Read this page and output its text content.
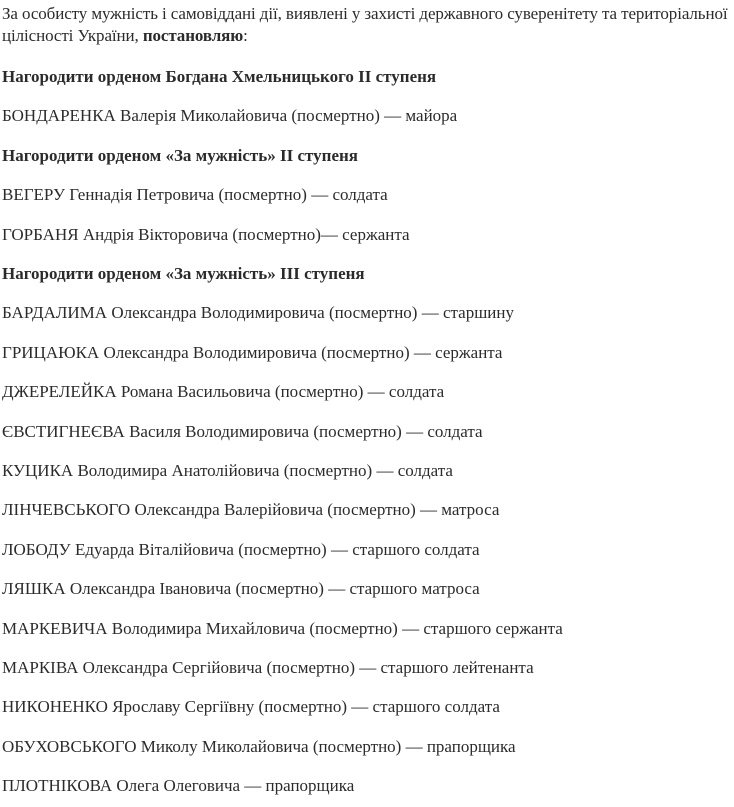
За особисту мужність і самовіддані дії, виявлені у захисті державного суверенітету та територіальної цілісності України, постановляю:

Нагородити орденом Богдана Хмельницького ІІ ступеня

БОНДАРЕНКА Валерія Миколайовича (посмертно) — майора

Нагородити орденом «За мужність» ІІ ступеня

ВЕГЕРУ Геннадія Петровича (посмертно) — солдата

ГОРБАНЯ Андрія Вікторовича (посмертно)— сержанта

Нагородити орденом «За мужність» ІІІ ступеня

БАРДАЛИМА Олександра Володимировича (посмертно) — старшину

ГРИЦАЮКА Олександра Володимировича (посмертно) — сержанта

ДЖЕРЕЛЕЙКА Романа Васильовича (посмертно) — солдата

ЄВСТИГНЕЄВА Василя Володимировича (посмертно) — солдата

КУЦИКА Володимира Анатолійовича (посмертно) — солдата

ЛІНЧЕВСЬКОГО Олександра Валерійовича (посмертно) — матроса

ЛОБОДУ Едуарда Віталійовича (посмертно) — старшого солдата

ЛЯШКА Олександра Івановича (посмертно) — старшого матроса

МАРКЕВИЧА Володимира Михайловича (посмертно) — старшого сержанта

МАРКІВА Олександра Сергійовича (посмертно) — старшого лейтенанта

НИКОНЕНКО Ярославу Сергіївну (посмертно) — старшого солдата

ОБУХОВСЬКОГО Миколу Миколайовича (посмертно) — прапорщика

ПЛОТНІКОВА Олега Олеговича — прапорщика
